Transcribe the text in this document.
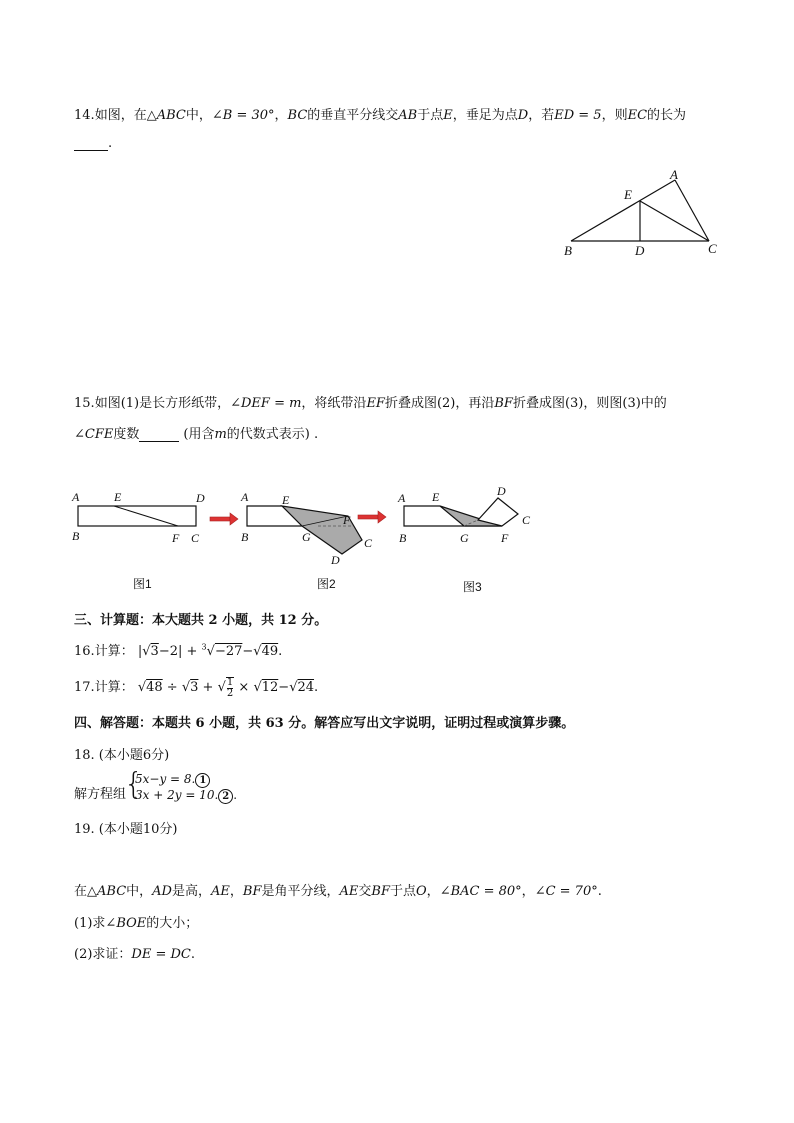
14.如图，在△ABC中，∠B = 30°，BC的垂直平分线交AB于点E，垂足为点D，若ED = 5，则EC的长为
.
A
E
B	D	C
15.如图(1)是长方形纸带，∠DEF = m，将纸带沿EF折叠成图(2)，再沿BF折叠成图(3)，则图(3)中的
∠CFE度数	(用含m的代数式表示) .
A	E	D
B	F C
A	E
F
B	G	C
D
D
A E
C
B	G	F
图1	图2	图3
三、计算题：本大题共 2 小题，共 12 分。
16.计算： |√3−2| + $^3$√−27−√49.
17.计算： √48 ÷ √3 + √ $\frac{1}{2} \times √12-√24$.
四、解答题：本题共 6 小题，共 63 分。解答应写出文字说明，证明过程或演算步骤。
18. (本小题6分)
解方程组
{
5x−y = 8. 1
3x + 2y = 10. 2 .
19. (本小题10分)
在△ABC中，AD是高，AE，BF是角平分线，AE交BF于点O，∠BAC = 80°，∠C = 70°.
(1)求∠BOE的大小；
(2)求证：DE = DC.
